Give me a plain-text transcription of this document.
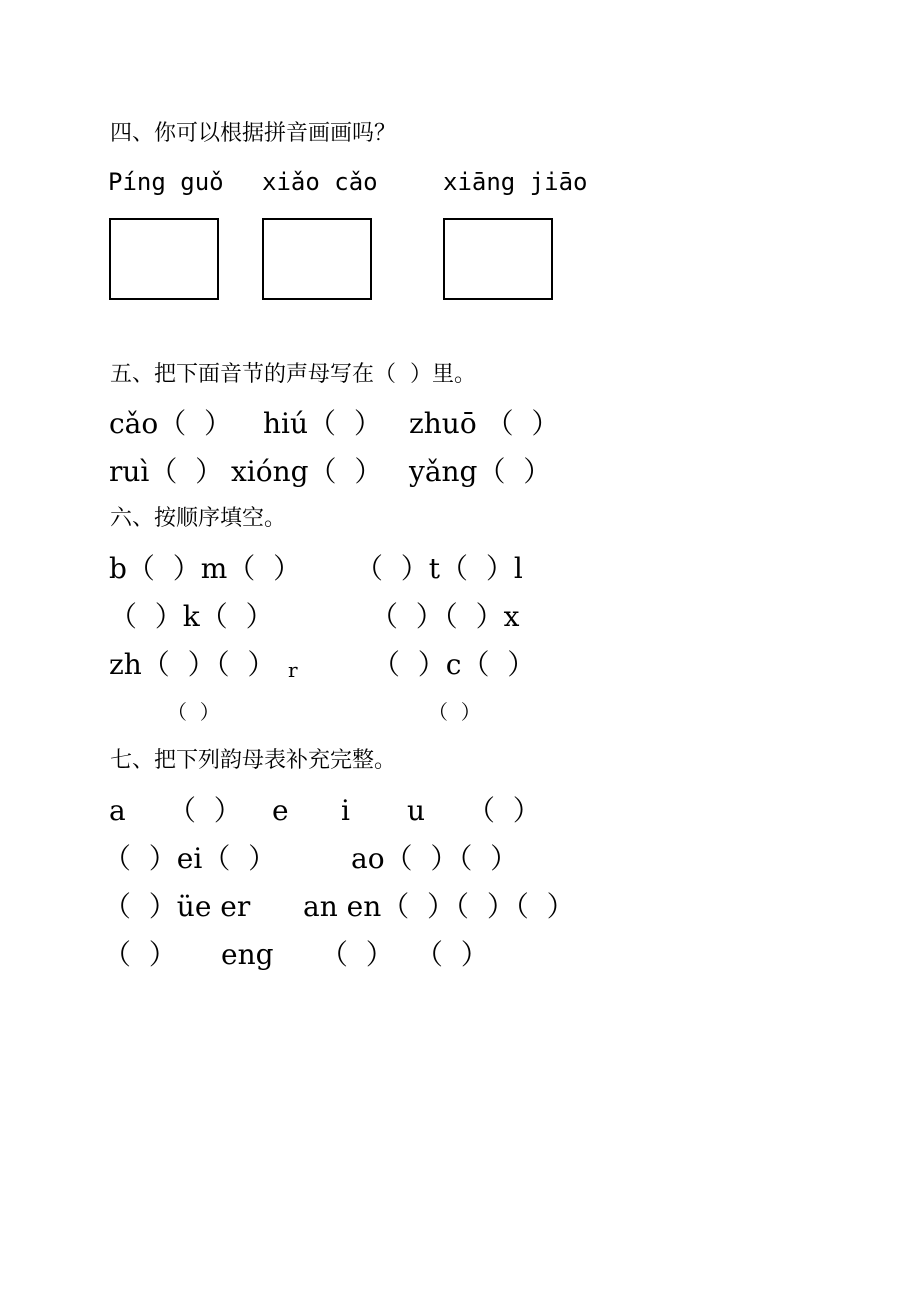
四、你可以根据拼音画画吗？
Píng guǒ xiǎo cǎo	xiāng jiāo
五、把下面音节的声母写在（  ）里。
cǎo（  ） hiú（  ） zhuō （  ）
ruì（  ） xióng（  ） yǎng（  ）
六、按顺序填空。
b（  ）m（  ） （  ）t（  ）l
（  ）k（  ）	（  ）（  ）x
zh（  ）（  ） r	（  ）c（  ）
（  ）	（  ）
七、把下列韵母表补充完整。
a （  ） e i u （  ）
（  ）ei（  ）	ao（  ）（  ）
（  ）üe er an en（  ）（  ）（  ）
（  ） eng （  ） （  ）
